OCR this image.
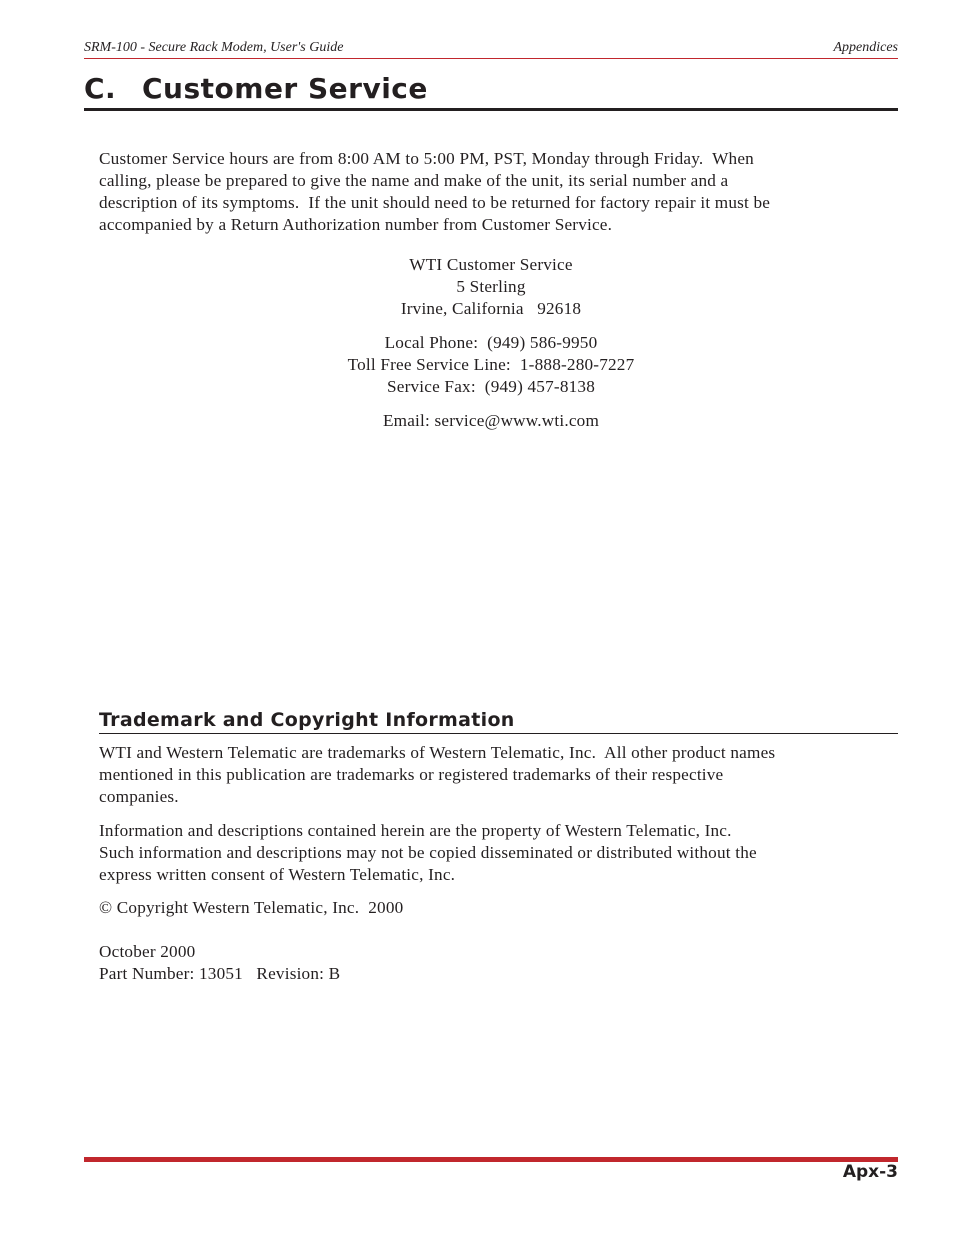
SRM-100 - Secure Rack Modem, User's Guide	Appendices
C. Customer Service
Customer Service hours are from 8:00 AM to 5:00 PM, PST, Monday through Friday.  When
calling, please be prepared to give the name and make of the unit, its serial number and a
description of its symptoms.  If the unit should need to be returned for factory repair it must be
accompanied by a Return Authorization number from Customer Service.
WTI Customer Service
5 Sterling
Irvine, California   92618
Local Phone:  (949) 586-9950
Toll Free Service Line:  1-888-280-7227
Service Fax:  (949) 457-8138
Email: service@www.wti.com
Trademark and Copyright Information
WTI and Western Telematic are trademarks of Western Telematic, Inc.  All other product names
mentioned in this publication are trademarks or registered trademarks of their respective
companies.
Information and descriptions contained herein are the property of Western Telematic, Inc.
Such information and descriptions may not be copied disseminated or distributed without the
express written consent of Western Telematic, Inc.
© Copyright Western Telematic, Inc.  2000
October 2000
Part Number: 13051   Revision: B
Apx-3
